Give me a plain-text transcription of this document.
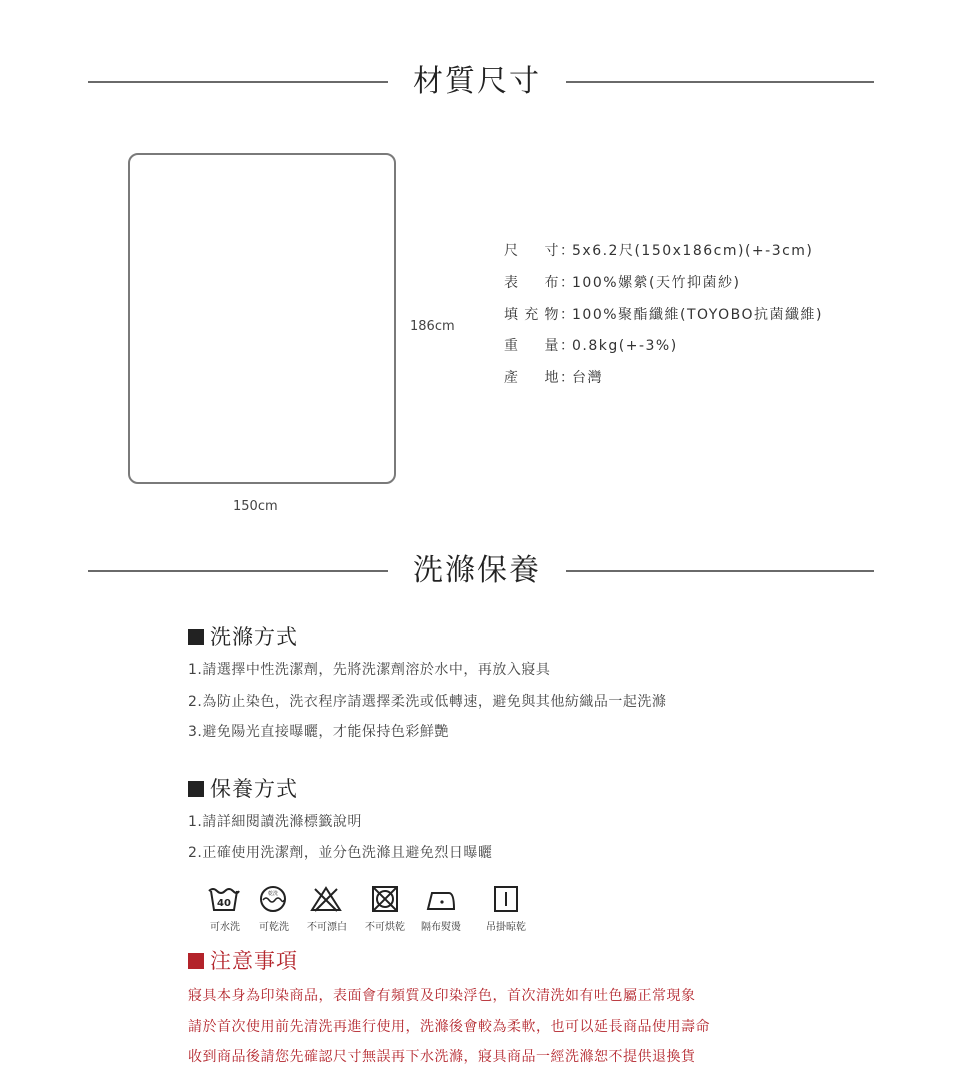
材質尺寸
186cm
150cm
尺 寸：5x6.2尺(150x186cm)(+-3cm)
表 布：100%嫘縈(天竹抑菌紗)
填充物：100%聚酯纖維(TOYOBO抗菌纖維)
重 量：0.8kg(+-3%)
產 地：台灣
洗滌保養
洗滌方式
1.請選擇中性洗潔劑，先將洗潔劑溶於水中，再放入寢具
2.為防止染色，洗衣程序請選擇柔洗或低轉速，避免與其他紡織品一起洗滌
3.避免陽光直接曝曬，才能保持色彩鮮艷
保養方式
1.請詳細閱讀洗滌標籤說明
2.正確使用洗潔劑，並分色洗滌且避免烈日曝曬
40
乾洗
可水洗	可乾洗	不可漂白	不可烘乾	隔布熨燙	吊掛晾乾
注意事項
寢具本身為印染商品，表面會有頻質及印染浮色，首次清洗如有吐色屬正常現象
請於首次使用前先清洗再進行使用，洗滌後會較為柔軟，也可以延長商品使用壽命
收到商品後請您先確認尺寸無誤再下水洗滌，寢具商品一經洗滌恕不提供退換貨
